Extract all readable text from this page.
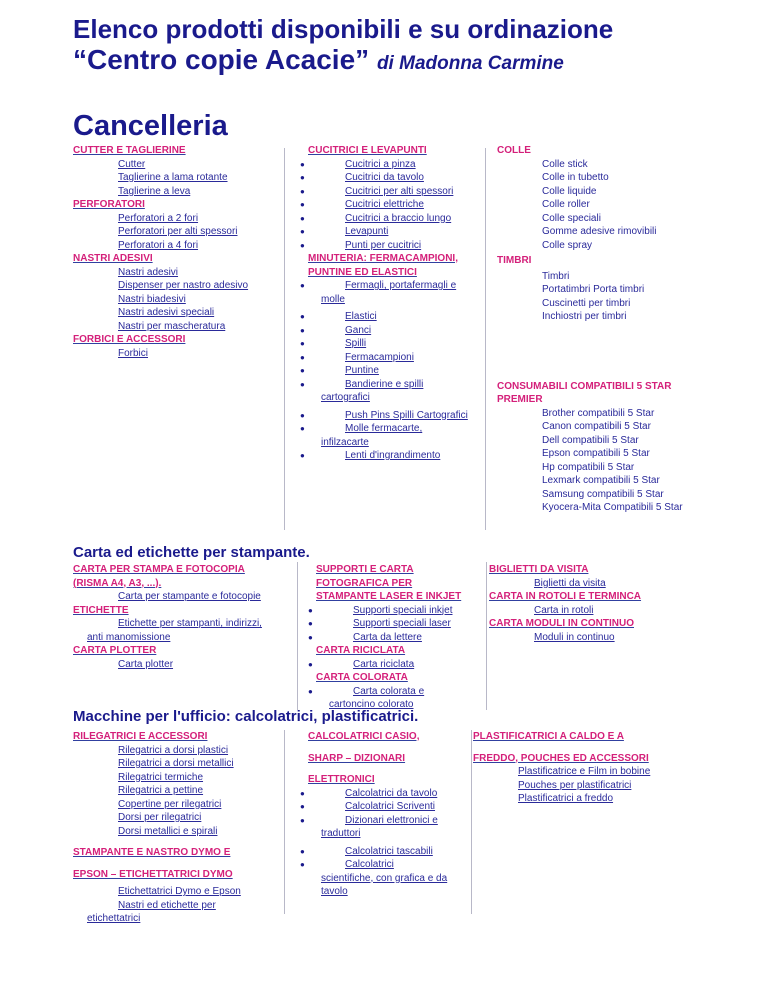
Elenco prodotti disponibili e su ordinazione
“Centro copie Acacie” di Madonna Carmine
Cancelleria
CUTTER E TAGLIERINE
Cutter
Taglierine a lama rotante
Taglierine a leva
PERFORATORI
Perforatori a 2 fori
Perforatori per alti spessori
Perforatori a 4 fori
NASTRI ADESIVI
Nastri adesivi
Dispenser per nastro adesivo
Nastri biadesivi
Nastri adesivi speciali
Nastri per mascheratura
FORBICI E ACCESSORI
Forbici
CUCITRICI E LEVAPUNTI
● Cucitrici a pinza
● Cucitrici da tavolo
● Cucitrici per alti spessori
● Cucitrici elettriche
● Cucitrici a braccio lungo
● Levapunti
● Punti per cucitrici
MINUTERIA: FERMACAMPIONI,
PUNTINE ED ELASTICI
● Fermagli, portafermagli e
molle
● Elastici
● Ganci
● Spilli
● Fermacampioni
● Puntine
● Bandierine e spilli
cartografici
● Push Pins Spilli Cartografici
● Molle fermacarte,
infilzacarte
● Lenti d'ingrandimento
COLLE
Colle stick
Colle in tubetto
Colle liquide
Colle roller
Colle speciali
Gomme adesive rimovibili
Colle spray
TIMBRI
Timbri
Portatimbri Porta timbri
Cuscinetti per timbri
Inchiostri per timbri
CONSUMABILI COMPATIBILI 5 STAR
PREMIER
Brother compatibili 5 Star
Canon compatibili 5 Star
Dell compatibili 5 Star
Epson compatibili 5 Star
Hp compatibili 5 Star
Lexmark compatibili 5 Star
Samsung compatibili 5 Star
Kyocera-Mita Compatibili 5 Star
Carta ed etichette per stampante.
CARTA PER STAMPA E FOTOCOPIA
(RISMA A4, A3, ...).
Carta per stampante e fotocopie
ETICHETTE
Etichette per stampanti, indirizzi,
anti manomissione
CARTA PLOTTER
Carta plotter
SUPPORTI E CARTA
FOTOGRAFICA PER
STAMPANTE LASER E INKJET
● Supporti speciali inkjet
● Supporti speciali laser
● Carta da lettere
CARTA RICICLATA
● Carta riciclata
CARTA COLORATA
● Carta colorata e
cartoncino colorato
BIGLIETTI DA VISITA
Biglietti da visita
CARTA IN ROTOLI E TERMINCA
Carta in rotoli
CARTA MODULI IN CONTINUO
Moduli in continuo
Macchine per l'ufficio: calcolatrici, plastificatrici.
RILEGATRICI E ACCESSORI
Rilegatrici a dorsi plastici
Rilegatrici a dorsi metallici
Rilegatrici termiche
Rilegatrici a pettine
Copertine per rilegatrici
Dorsi per rilegatrici
Dorsi metallici e spirali
STAMPANTE E NASTRO DYMO E
EPSON – ETICHETTATRICI DYMO
Etichettatrici Dymo e Epson
Nastri ed etichette per
etichettatrici
CALCOLATRICI CASIO,
SHARP – DIZIONARI
ELETTRONICI
● Calcolatrici da tavolo
● Calcolatrici Scriventi
● Dizionari elettronici e
traduttori
● Calcolatrici tascabili
● Calcolatrici
scientifiche, con grafica e da
tavolo
PLASTIFICATRICI A CALDO E A
FREDDO, POUCHES ED ACCESSORI
Plastificatrice e Film in bobine
Pouches per plastificatrici
Plastificatrici a freddo
